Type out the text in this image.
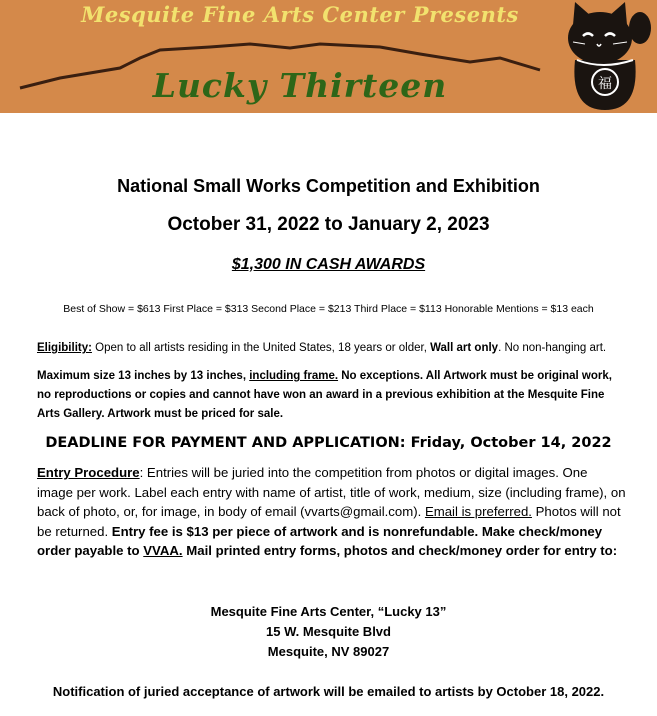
Mesquite Fine Arts Center Presents
Lucky Thirteen	福
National Small Works Competition and Exhibition
October 31, 2022 to January 2, 2023
$1,300 IN CASH AWARDS
Best of Show = $613 First Place = $313 Second Place = $213 Third Place = $113 Honorable Mentions = $13 each
Eligibility: Open to all artists residing in the United States, 18 years or older, Wall art only. No non-hanging art.
Maximum size 13 inches by 13 inches, including frame. No exceptions. All Artwork must be original work, no reproductions or copies and cannot have won an award in a previous exhibition at the Mesquite Fine Arts Gallery. Artwork must be priced for sale.
DEADLINE FOR PAYMENT AND APPLICATION: Friday, October 14, 2022
Entry Procedure: Entries will be juried into the competition from photos or digital images. One image per work. Label each entry with name of artist, title of work, medium, size (including frame), on back of photo, or, for image, in body of email (vvarts@gmail.com). Email is preferred. Photos will not be returned. Entry fee is $13 per piece of artwork and is nonrefundable. Make check/money order payable to VVAA. Mail printed entry forms, photos and check/money order for entry to:
Mesquite Fine Arts Center, “Lucky 13”
15 W. Mesquite Blvd
Mesquite, NV 89027
Notification of juried acceptance of artwork will be emailed to artists by October 18, 2022.
